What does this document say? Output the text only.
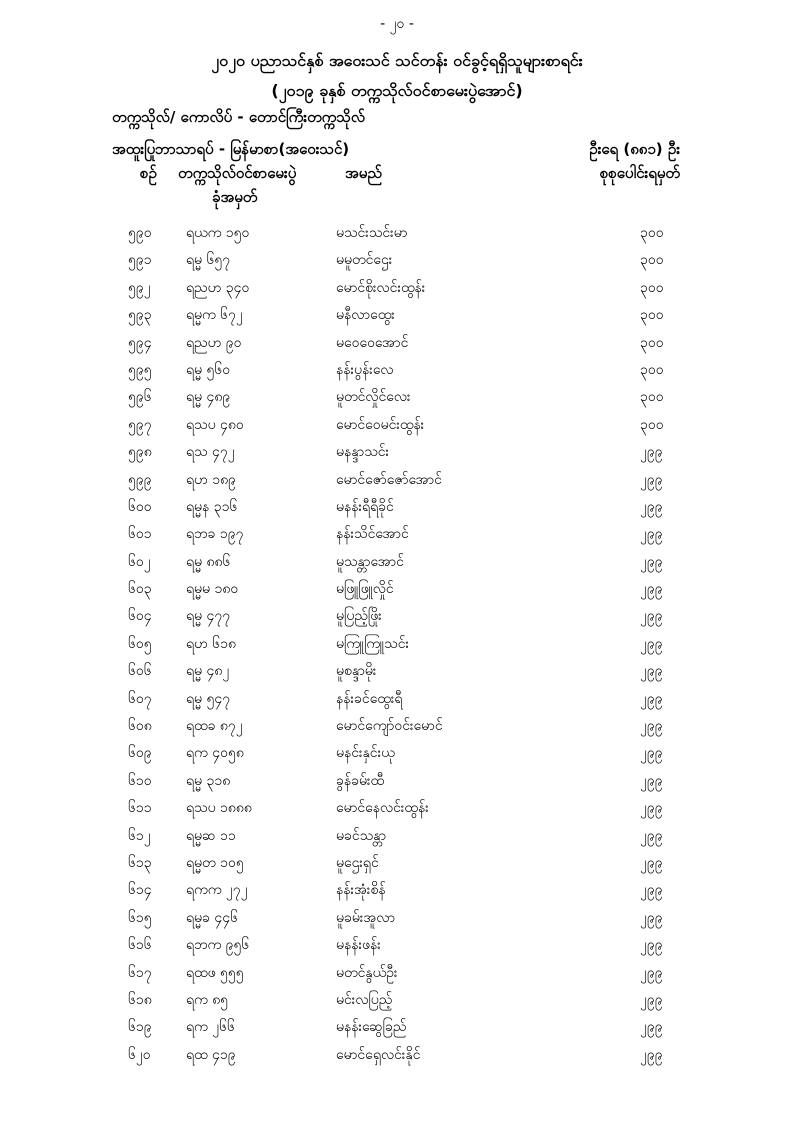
- ၂၀ -
၂၀၂၀ ပညာသင်နှစ် အဝေးသင် သင်တန်း ဝင်ခွင့်ရရှိသူများစာရင်း
(၂၀၁၉ ခုနှစ် တက္ကသိုလ်ဝင်စာမေးပွဲအောင်)
တက္ကသိုလ်/ ကောလိပ် - ‌တောင်ကြီးတက္ကသိုလ်
အထူးပြုဘာသာရပ် - မြန်မာစာ(အဝေးသင်)	ဦးရေ (၈၈၁) ဦး
စဉ် တက္ကသိုလ်ဝင်စာမေးပွဲ
ခုံအမှတ်
အမည်	စုစုပေါင်းရမှတ်
၅၉၀ ရယက ၁၅၀	မသင်းသင်းမာ	၃၀၀
၅၉၁ ရမ္မ ၆၅၇	မမူတင်ဌေး	၃၀၀
၅၉၂	ရညဟ ၃၄၀	မောင်စိုးလင်းထွန်း	၃၀၀
၅၉၃ ရမ္မက ၆၇၂	မနီလာထွေး	၃၀၀
၅၉၄ ရညဟ ၉၀	မဝေဝေအောင်	၃၀၀
၅၉၅ ရမ္မ ၅၆၀	နန်းပွန်းလေ	၃၀၀
၅၉၆ ရမ္မ ၄၈၉	မူတင်လှိုင်လေး	၃၀၀
၅၉၇ ရသပ ၄၈၀	မောင်ဝေမင်းထွန်း	၃၀၀
၅၉၈ ရသ ၄၇၂	မနန္ဒာသင်း	၂၉၉
၅၉၉ ရဟ ၁၈၉	မောင်ဇော်ဇော်အောင်	၂၉၉
၆၀၀ ရမ္မန ၃၁၆	မနန်းရီရီခိုင်	၂၉၉
၆၀၁ ရဘခ ၁၉၇	နန်းသိင်အောင်	၂၉၉
၆၀၂	ရမ္မ ၈၈၆	မူသန္တာအောင်	၂၉၉
၆၀၃ ရမ္မမ ၁၈၀	မဖြူဖြူလှိုင်	၂၉၉
၆၀၄ ရမ္မ ၄၇၇	မူပြည့်ဖြိုး	၂၉၉
၆၀၅ ရဟ ၆၁၈	မကြူကြူသင်း	၂၉၉
၆၀၆ ရမ္မ ၄၈၂	မူစန္ဒာမိုး	၂၉၉
၆၀၇ ရမ္မ ၅၄၇	နန်းခင်ထွေးရီ	၂၉၉
၆၀၈ ရထခ ၈၇၂	မောင်ကျော်ဝင်းမောင်	၂၉၉
၆၀၉ ရက ၄၀၅၈	မနင်းနှင်းယု	၂၉၉
၆၁၀ ရမ္မ ၃၁၈	ခွန်ခမ်းထီ	၂၉၉
၆၁၁ ရသပ ၁၈၈၈	မောင်နေလင်းထွန်း	၂၉၉
၆၁၂	ရမ္မဆ ၁၁	မခင်သန္တာ	၂၉၉
၆၁၃ ရမ္မတ ၁၀၅	မူဌေးရှင်	၂၉၉
၆၁၄ ရကက ၂၇၂	နန်းအုံးစိန်	၂၉၉
၆၁၅ ရမ္မခ ၄၄၆	မူခမ်းအူလာ	၂၉၉
၆၁၆ ရဘက ၉၅၆	မနန်းဖန်း	၂၉၉
၆၁၇ ရထဖ ၅၅၅	မတင်နွယ်ဦး	၂၉၉
၆၁၈ ရက ၈၅	မင်းလပြည့်	၂၉၉
၆၁၉ ရက ၂၆၆	မနန်းဆွေခြည်	၂၉၉
၆၂၀	ရထ ၄၁၉	မောင်ရှေလင်းနိုင်	၂၉၉
